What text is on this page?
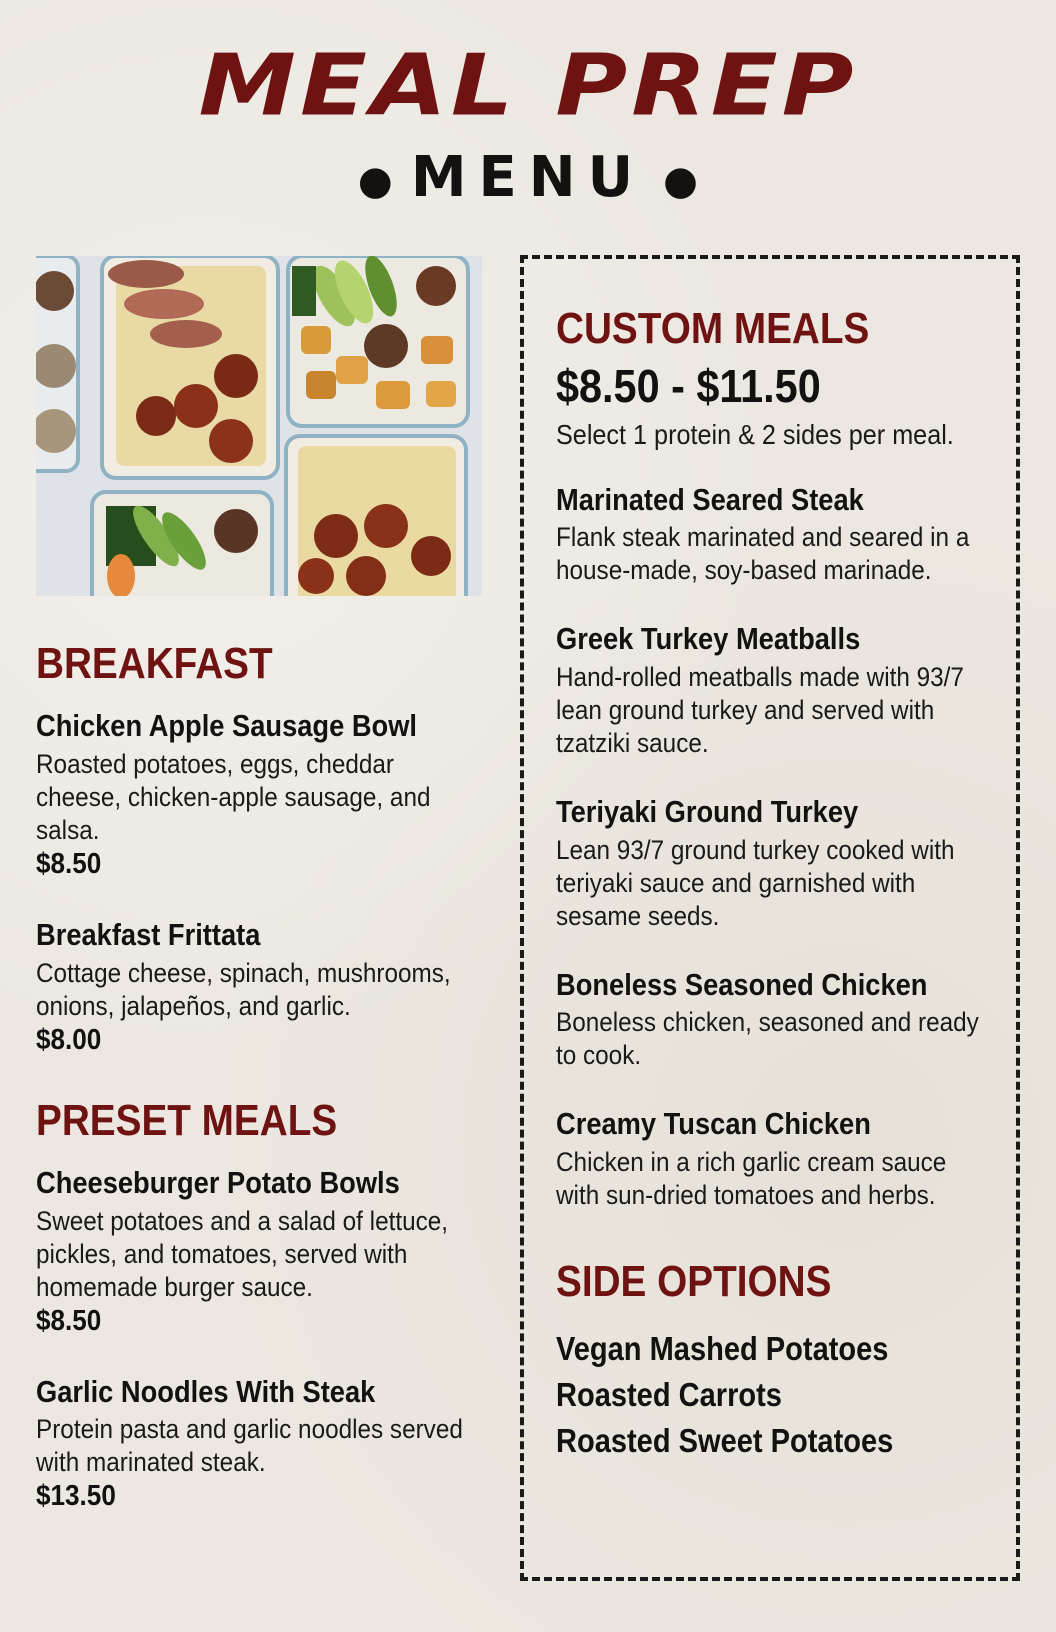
MEAL PREP
● MENU ●
BREAKFAST
Chicken Apple Sausage Bowl
Roasted potatoes, eggs, cheddar cheese, chicken-apple sausage, and salsa.
$8.50
Breakfast Frittata
Cottage cheese, spinach, mushrooms, onions, jalapeños, and garlic.
$8.00
PRESET MEALS
Cheeseburger Potato Bowls
Sweet potatoes and a salad of lettuce, pickles, and tomatoes, served with homemade burger sauce.
$8.50
Garlic Noodles With Steak
Protein pasta and garlic noodles served with marinated steak.
$13.50
CUSTOM MEALS
$8.50 - $11.50
Select 1 protein & 2 sides per meal.
Marinated Seared Steak
Flank steak marinated and seared in a house-made, soy-based marinade.
Greek Turkey Meatballs
Hand-rolled meatballs made with 93/7 lean ground turkey and served with tzatziki sauce.
Teriyaki Ground Turkey
Lean 93/7 ground turkey cooked with teriyaki sauce and garnished with sesame seeds.
Boneless Seasoned Chicken
Boneless chicken, seasoned and ready to cook.
Creamy Tuscan Chicken
Chicken in a rich garlic cream sauce with sun-dried tomatoes and herbs.
SIDE OPTIONS
Vegan Mashed Potatoes
Roasted Carrots
Roasted Sweet Potatoes
